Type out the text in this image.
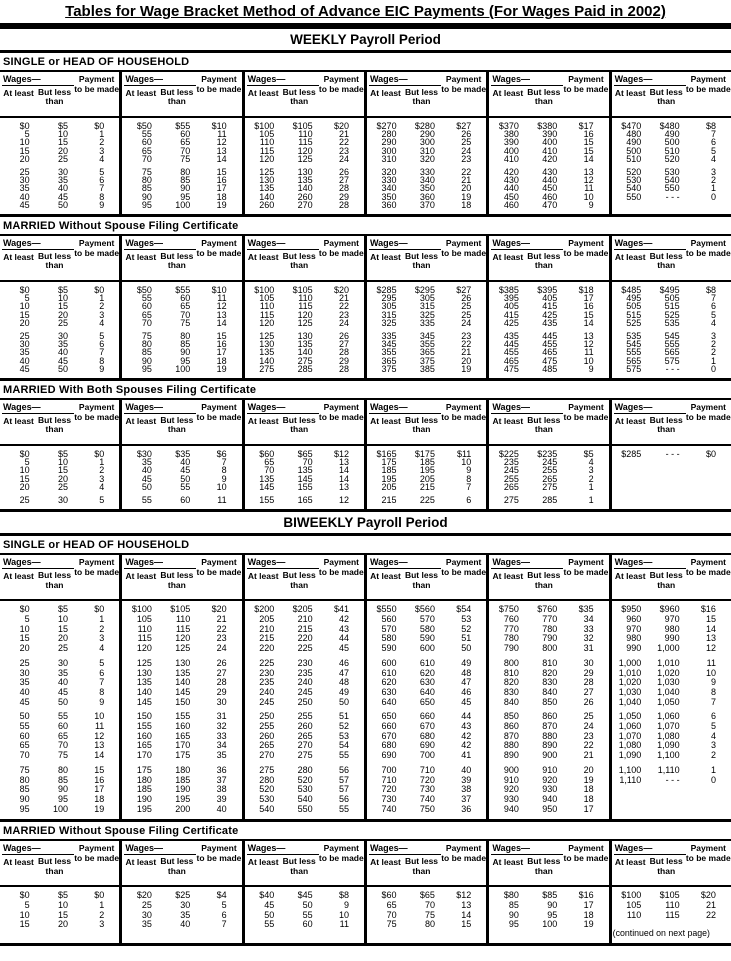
Tables for Wage Bracket Method of Advance EIC Payments (For Wages Paid in 2002)
WEEKLY Payroll Period
SINGLE or HEAD OF HOUSEHOLD
Wages—
At least But less than
Payment to be made
$0	$5	$0
5	10	1
10	15	2
15	20	3
20	25	4
25	30	5
30	35	6
35	40	7
40	45	8
45	50	9
Wages—
At least But less than
Payment to be made
$50	$55	$10
55	60	11
60	65	12
65	70	13
70	75	14
75	80	15
80	85	16
85	90	17
90	95	18
95	100	19
Wages—
At least But less than
Payment to be made
$100	$105	$20
105	110	21
110	115	22
115	120	23
120	125	24
125	130	26
130	135	27
135	140	28
140	260	29
260	270	28
Wages—
At least But less than
Payment to be made
$270	$280	$27
280	290	26
290	300	25
300	310	24
310	320	23
320	330	22
330	340	21
340	350	20
350	360	19
360	370	18
Wages—
At least But less than
Payment to be made
$370	$380	$17
380	390	16
390	400	15
400	410	15
410	420	14
420	430	13
430	440	12
440	450	11
450	460	10
460	470	9
Wages—
At least But less than
Payment to be made
$470	$480	$8
480	490	7
490	500	6
500	510	5
510	520	4
520	530	3
530	540	2
540	550	1
550	- - -	0
MARRIED Without Spouse Filing Certificate
Wages—
At least But less than
Payment to be made
$0	$5	$0
5	10	1
10	15	2
15	20	3
20	25	4
25	30	5
30	35	6
35	40	7
40	45	8
45	50	9
Wages—
At least But less than
Payment to be made
$50	$55	$10
55	60	11
60	65	12
65	70	13
70	75	14
75	80	15
80	85	16
85	90	17
90	95	18
95	100	19
Wages—
At least But less than
Payment to be made
$100	$105	$20
105	110	21
110	115	22
115	120	23
120	125	24
125	130	26
130	135	27
135	140	28
140	275	29
275	285	28
Wages—
At least But less than
Payment to be made
$285	$295	$27
295	305	26
305	315	25
315	325	25
325	335	24
335	345	23
345	355	22
355	365	21
365	375	20
375	385	19
Wages—
At least But less than
Payment to be made
$385	$395	$18
395	405	17
405	415	16
415	425	15
425	435	14
435	445	13
445	455	12
455	465	11
465	475	10
475	485	9
Wages—
At least But less than
Payment to be made
$485	$495	$8
495	505	7
505	515	6
515	525	5
525	535	4
535	545	3
545	555	2
555	565	2
565	575	1
575	- - -	0
MARRIED With Both Spouses Filing Certificate
Wages—
At least But less than
Payment to be made
$0	$5	$0
5	10	1
10	15	2
15	20	3
20	25	4
25	30	5
Wages—
At least But less than
Payment to be made
$30	$35	$6
35	40	7
40	45	8
45	50	9
50	55	10
55	60	11
Wages—
At least But less than
Payment to be made
$60	$65	$12
65	70	13
70	135	14
135	145	14
145	155	13
155	165	12
Wages—
At least But less than
Payment to be made
$165	$175	$11
175	185	10
185	195	9
195	205	8
205	215	7
215	225	6
Wages—
At least But less than
Payment to be made
$225	$235	$5
235	245	4
245	255	3
255	265	2
265	275	1
275	285	1
Wages—
At least But less than
Payment to be made
$285	- - -	$0
BIWEEKLY Payroll Period
SINGLE or HEAD OF HOUSEHOLD
Wages—
At least But less than
Payment to be made
$0	$5	$0
5	10	1
10	15	2
15	20	3
20	25	4
25	30	5
30	35	6
35	40	7
40	45	8
45	50	9
50	55	10
55	60	11
60	65	12
65	70	13
70	75	14
75	80	15
80	85	16
85	90	17
90	95	18
95	100	19
Wages—
At least But less than
Payment to be made
$100	$105	$20
105	110	21
110	115	22
115	120	23
120	125	24
125	130	26
130	135	27
135	140	28
140	145	29
145	150	30
150	155	31
155	160	32
160	165	33
165	170	34
170	175	35
175	180	36
180	185	37
185	190	38
190	195	39
195	200	40
Wages—
At least But less than
Payment to be made
$200	$205	$41
205	210	42
210	215	43
215	220	44
220	225	45
225	230	46
230	235	47
235	240	48
240	245	49
245	250	50
250	255	51
255	260	52
260	265	53
265	270	54
270	275	55
275	280	56
280	520	57
520	530	57
530	540	56
540	550	55
Wages—
At least But less than
Payment to be made
$550	$560	$54
560	570	53
570	580	52
580	590	51
590	600	50
600	610	49
610	620	48
620	630	47
630	640	46
640	650	45
650	660	44
660	670	43
670	680	42
680	690	42
690	700	41
700	710	40
710	720	39
720	730	38
730	740	37
740	750	36
Wages—
At least But less than
Payment to be made
$750	$760	$35
760	770	34
770	780	33
780	790	32
790	800	31
800	810	30
810	820	29
820	830	28
830	840	27
840	850	26
850	860	25
860	870	24
870	880	23
880	890	22
890	900	21
900	910	20
910	920	19
920	930	18
930	940	18
940	950	17
Wages—
At least But less than
Payment to be made
$950	$960	$16
960	970	15
970	980	14
980	990	13
990	1,000	12
1,000	1,010	11
1,010	1,020	10
1,020	1,030	9
1,030	1,040	8
1,040	1,050	7
1,050	1,060	6
1,060	1,070	5
1,070	1,080	4
1,080	1,090	3
1,090	1,100	2
1,100	1,110	1
1,110	- - -	0
MARRIED Without Spouse Filing Certificate
Wages—
At least But less than
Payment to be made
$0	$5	$0
5	10	1
10	15	2
15	20	3
Wages—
At least But less than
Payment to be made
$20	$25	$4
25	30	5
30	35	6
35	40	7
Wages—
At least But less than
Payment to be made
$40	$45	$8
45	50	9
50	55	10
55	60	11
Wages—
At least But less than
Payment to be made
$60	$65	$12
65	70	13
70	75	14
75	80	15
Wages—
At least But less than
Payment to be made
$80	$85	$16
85	90	17
90	95	18
95	100	19
Wages—
At least But less than
Payment to be made
$100	$105	$20
105	110	21
110	115	22
(continued on next page)
